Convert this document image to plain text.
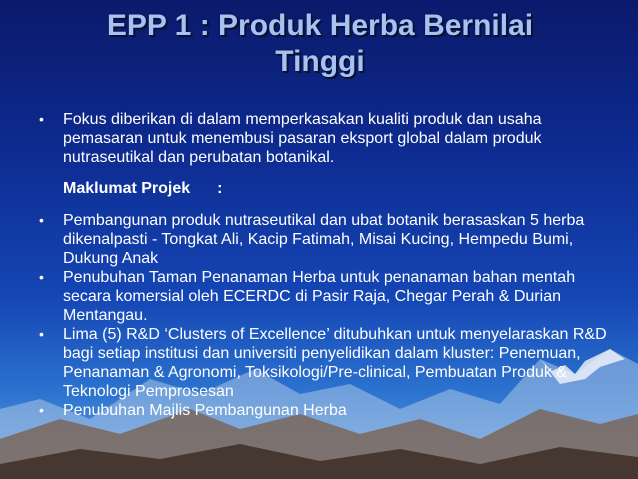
EPP 1 : Produk Herba Bernilai
Tinggi
• Fokus diberikan di dalam memperkasakan kualiti produk dan usaha pemasaran untuk menembusi pasaran eksport global dalam produk nutraseutikal dan perubatan botanikal.
Maklumat Projek :
• Pembangunan produk nutraseutikal dan ubat botanik berasaskan 5 herba dikenalpasti - Tongkat Ali, Kacip Fatimah, Misai Kucing, Hempedu Bumi, Dukung Anak
• Penubuhan Taman Penanaman Herba untuk penanaman bahan mentah secara komersial oleh ECERDC di Pasir Raja, Chegar Perah & Durian Mentangau.
• Lima (5) R&D ‘Clusters of Excellence’ ditubuhkan untuk menyelaraskan R&D bagi setiap institusi dan universiti penyelidikan dalam kluster: Penemuan, Penanaman & Agronomi, Toksikologi/Pre-clinical, Pembuatan Produk & Teknologi Pemprosesan
• Penubuhan Majlis Pembangunan Herba
